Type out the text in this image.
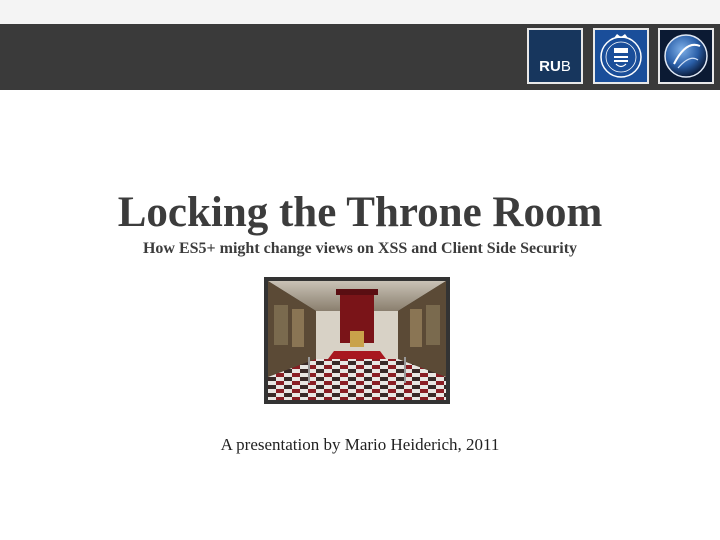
RUB
Locking the Throne Room
How ES5+ might change views on XSS and Client Side Security
A presentation by Mario Heiderich, 2011
